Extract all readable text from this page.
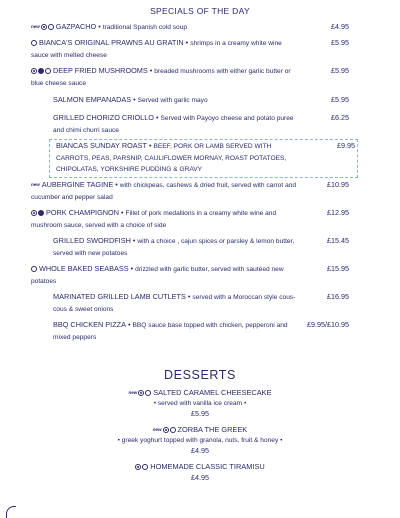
SPECIALS OF THE DAY
new GAZPACHO • traditional Spanish cold soup	£4.95
BIANCA'S ORIGINAL PRAWNS AU GRATIN • shrimps in a creamy white wine sauce with melted cheese
£5.95
DEEP FRIED MUSHROOMS • breaded mushrooms with either garlic butter or blue cheese sauce
£5.95
SALMON EMPANADAS • Served with garlic mayo	£5.95
GRILLED CHORIZO CRIOLLO • Served with Payoyo cheese and potato puree and chimi churri sauce
£6.25
BIANCAS SUNDAY ROAST • BEEF, PORK OR LAMB SERVED WITH CARROTS, PEAS, PARSNIP, CAULIFLOWER MORNAY, ROAST POTATOES, CHIPOLATAS, YORKSHIRE PUDDING & GRAVY
£9.95
new AUBERGINE TAGINE • with chickpeas, cashews & dried fruit, served with carrot and cucumber and pepper salad
£10.95
PORK CHAMPIGNON • Fillet of pork medallions in a creamy white wine and mushroom sauce, served with a choice of side
£12.95
GRILLED SWORDFISH • with a choice , cajun spices or parsley & lemon butter, served with new potatoes
£15.45
WHOLE BAKED SEABASS • drizzled with garlic butter, served with sautéed new potatoes
£15.95
MARINATED GRILLED LAMB CUTLETS • served with a Moroccan style cous-cous & sweet onions
£16.95
BBQ CHICKEN PIZZA • BBQ sauce base topped with chicken, pepperoni and mixed peppers
£9.95/£10.95
DESSERTS
new SALTED CARAMEL CHEESECAKE
• served with vanilla ice cream •
£5.95
new ZORBA THE GREEK
• greek yoghurt topped with granola, nuts, fruit & honey •
£4.95
HOMEMADE CLASSIC TIRAMISU
£4.95
